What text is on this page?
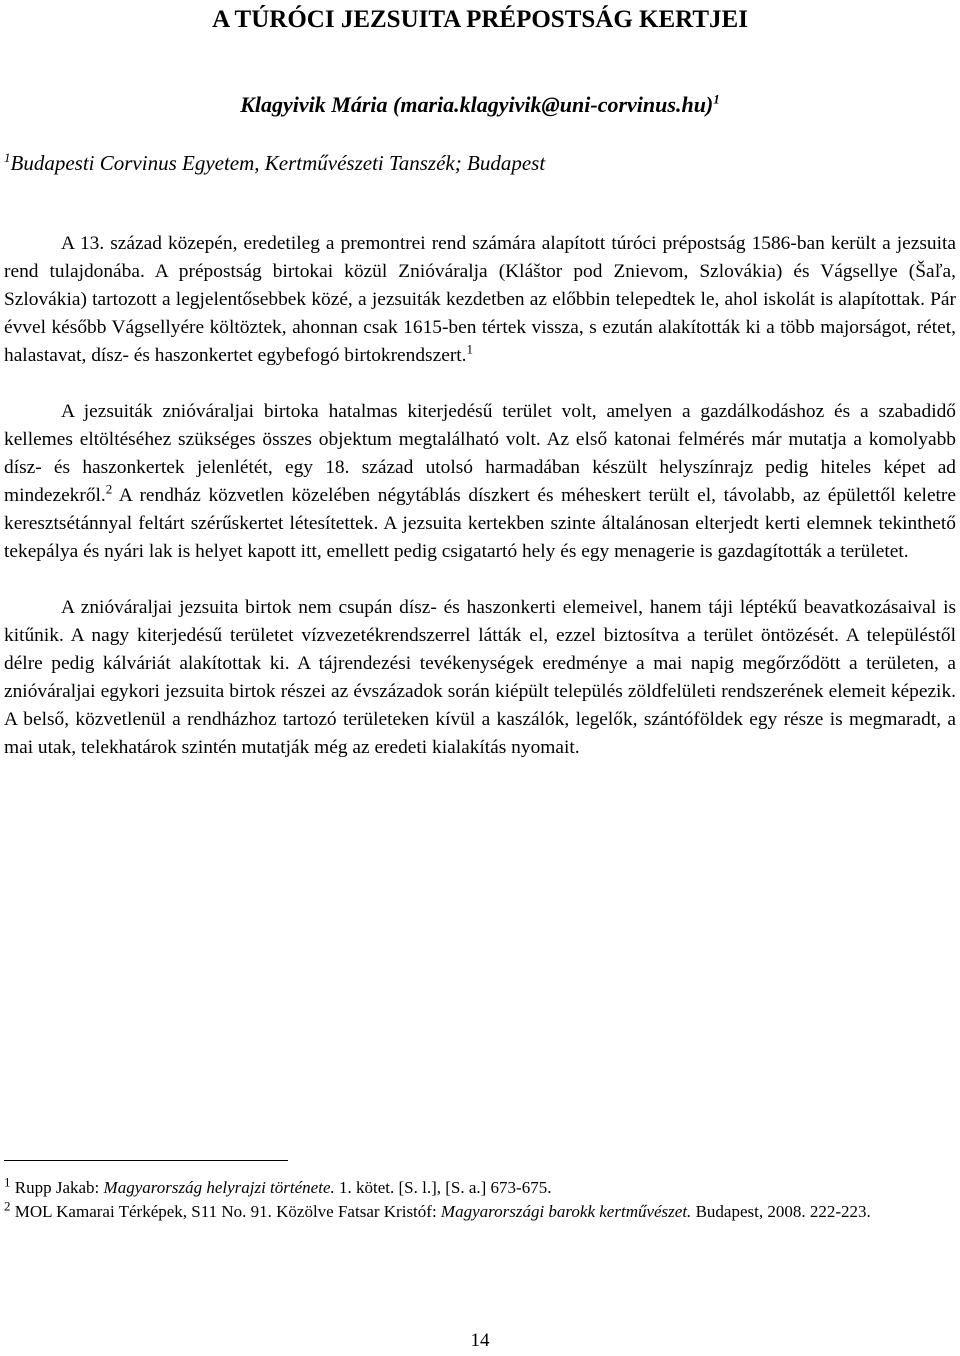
A TÚRÓCI JEZSUITA PRÉPOSTSÁG KERTJEI
Klagyivik Mária (maria.klagyivik@uni-corvinus.hu)$^1$
$^1$Budapesti Corvinus Egyetem, Kertművészeti Tanszék; Budapest

A 13. század közepén, eredetileg a premontrei rend számára alapított túróci prépostság 1586-ban került a jezsuita rend tulajdonába. A prépostság birtokai közül Znióváralja (Kláštor pod Znievom, Szlovákia) és Vágsellye (Šaľa, Szlovákia) tartozott a legjelentősebbek közé, a jezsuiták kezdetben az előbbin telepedtek le, ahol iskolát is alapítottak. Pár évvel később Vágsellyére költöztek, ahonnan csak 1615-ben tértek vissza, s ezután alakították ki a több majorságot, rétet, halastavat, dísz- és haszonkertet egybefogó birtokrendszert.$^1$

A jezsuiták znióváraljai birtoka hatalmas kiterjedésű terület volt, amelyen a gazdálkodáshoz és a szabadidő kellemes eltöltéséhez szükséges összes objektum megtalálható volt. Az első katonai felmérés már mutatja a komolyabb dísz- és haszonkertek jelenlétét, egy 18. század utolsó harmadában készült helyszínrajz pedig hiteles képet ad mindezekről.$^2$ A rendház közvetlen közelében négytáblás díszkert és méheskert terült el, távolabb, az épülettől keletre keresztsétánnyal feltárt szérűskertet létesítettek. A jezsuita kertekben szinte általánosan elterjedt kerti elemnek tekinthető tekepálya és nyári lak is helyet kapott itt, emellett pedig csigatartó hely és egy menagerie is gazdagították a területet.

A znióváraljai jezsuita birtok nem csupán dísz- és haszonkerti elemeivel, hanem táji léptékű beavatkozásaival is kitűnik. A nagy kiterjedésű területet vízvezetékrendszerrel látták el, ezzel biztosítva a terület öntözését. A településtől délre pedig kálváriát alakítottak ki. A tájrendezési tevékenységek eredménye a mai napig megőrződött a területen, a znióváraljai egykori jezsuita birtok részei az évszázadok során kiépült település zöldfelületi rendszerének elemeit képezik. A belső, közvetlenül a rendházhoz tartozó területeken kívül a kaszálók, legelők, szántóföldek egy része is megmaradt, a mai utak, telekhatárok szintén mutatják még az eredeti kialakítás nyomait.

$^1$ Rupp Jakab: Magyarország helyrajzi története. 1. kötet. [S. l.], [S. a.] 673-675.

$^2$ MOL Kamarai Térképek, S11 No. 91. Közölve Fatsar Kristóf: Magyarországi barokk kertművészet. Budapest, 2008. 222-223.

14
